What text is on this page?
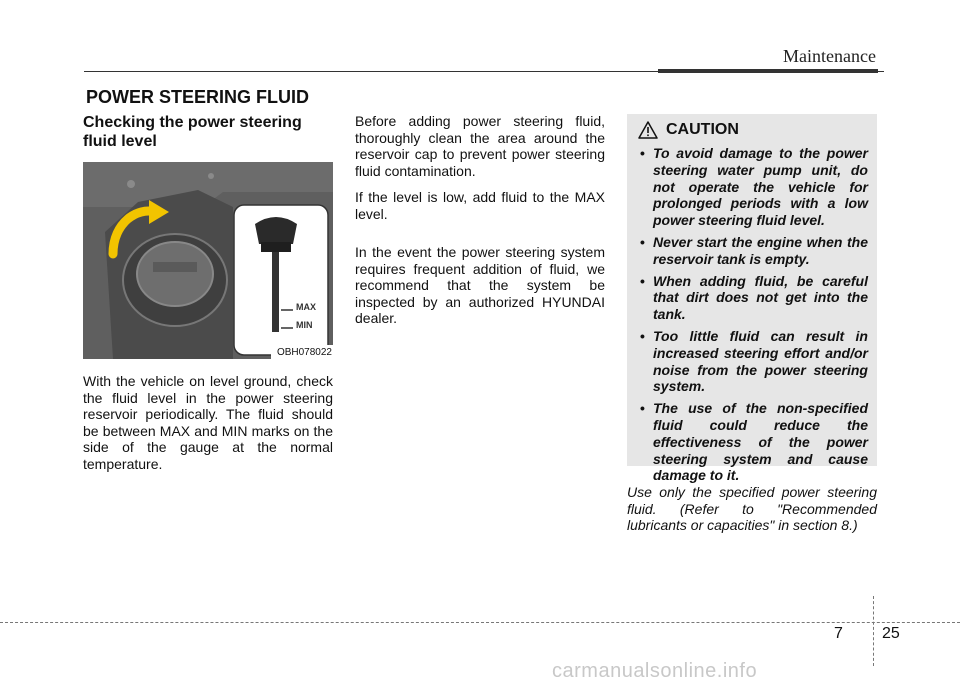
Maintenance
POWER STEERING FLUID
Checking the power steering fluid level
MAX
MIN
OBH078022

With the vehicle on level ground, check the fluid level in the power steering reservoir periodically. The fluid should be between MAX and MIN marks on the side of the gauge at the normal temperature.

Before adding power steering fluid, thoroughly clean the area around the reservoir cap to prevent power steering fluid contamination.

If the level is low, add fluid to the MAX level.

In the event the power steering system requires frequent addition of fluid, we recommend that the system be inspected by an authorized HYUNDAI dealer.

CAUTION
• To avoid damage to the power steering water pump unit, do not operate the vehicle for prolonged periods with a low power steering fluid level.
• Never start the engine when the reservoir tank is empty.
• When adding fluid, be careful that dirt does not get into the tank.
• Too little fluid can result in increased steering effort and/or noise from the power steering system.
• The use of the non-specified fluid could reduce the effectiveness of the power steering system and cause damage to it.

Use only the specified power steering fluid. (Refer to "Recommended lubricants or capacities" in section 8.)

7 25
carmanualsonline.info
